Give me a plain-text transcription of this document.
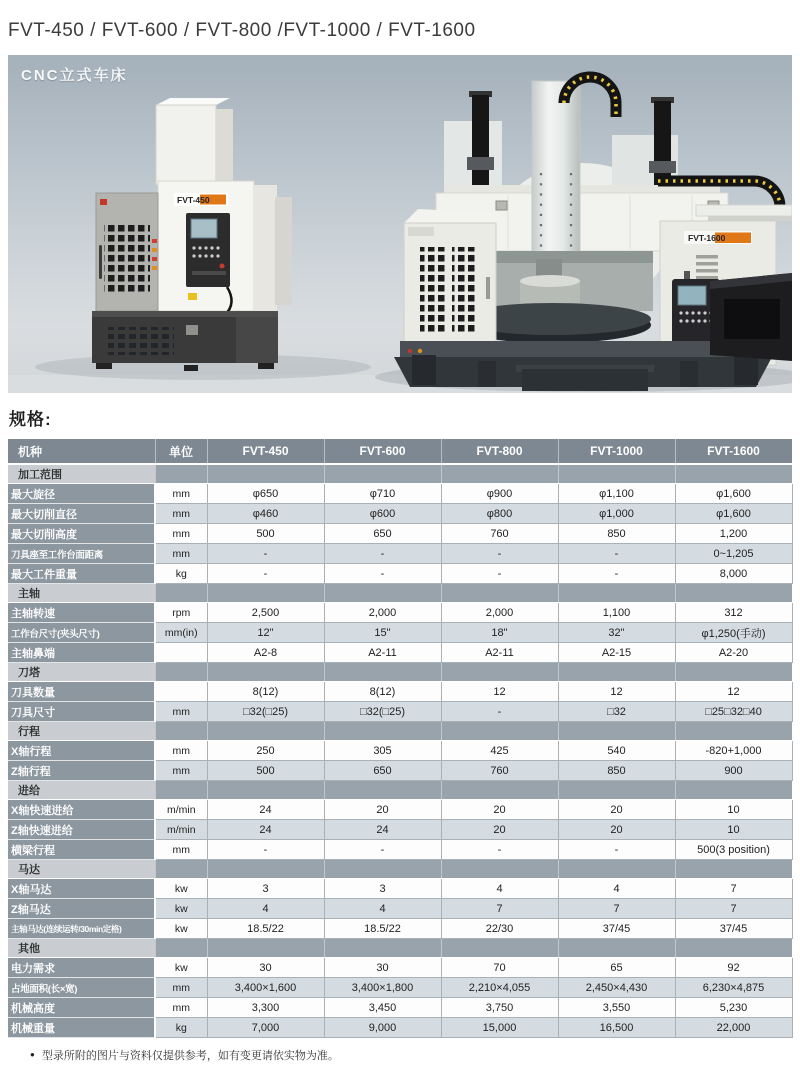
FVT-450 / FVT-600 / FVT-800 /FVT-1000 / FVT-1600
CNC立式车床
FVT-450
FVT-1600
规格:
机种	单位	FVT-450	FVT-600	FVT-800	FVT-1000	FVT-1600
加工范围						
最大旋径	mm	φ650	φ710	φ900	φ1,100	φ1,600
最大切削直径	mm	φ460	φ600	φ800	φ1,000	φ1,600
最大切削高度	mm	500	650	760	850	1,200
刀具座至工作台面距离	mm	-	-	-	-	0~1,205
最大工件重量	kg	-	-	-	-	8,000
主轴						
主轴转速	rpm	2,500	2,000	2,000	1,100	312
工作台尺寸(夹头尺寸)	mm(in)	12"	15"	18"	32"	φ1,250(手动)
主轴鼻端		A2-8	A2-11	A2-11	A2-15	A2-20
刀塔						
刀具数量		8(12)	8(12)	12	12	12
刀具尺寸	mm	□32(□25)	□32(□25)	-	□32	□25□32□40
行程						
X轴行程	mm	250	305	425	540	-820+1,000
Z轴行程	mm	500	650	760	850	900
进给						
X轴快速进给	m/min	24	20	20	20	10
Z轴快速进给	m/min	24	24	20	20	10
横梁行程	mm	-	-	-	-	500(3 position)
马达						
X轴马达	kw	3	3	4	4	7
Z轴马达	kw	4	4	7	7	7
主轴马达(连续运转/30min定格)	kw	18.5/22	18.5/22	22/30	37/45	37/45
其他						
电力需求	kw	30	30	70	65	92
占地面积(长×宽)	mm	3,400×1,600	3,400×1,800	2,210×4,055	2,450×4,430	6,230×4,875
机械高度	mm	3,300	3,450	3,750	3,550	5,230
机械重量	kg	7,000	9,000	15,000	16,500	22,000
● 型录所附的图片与资料仅提供参考，如有变更请依实物为准。
